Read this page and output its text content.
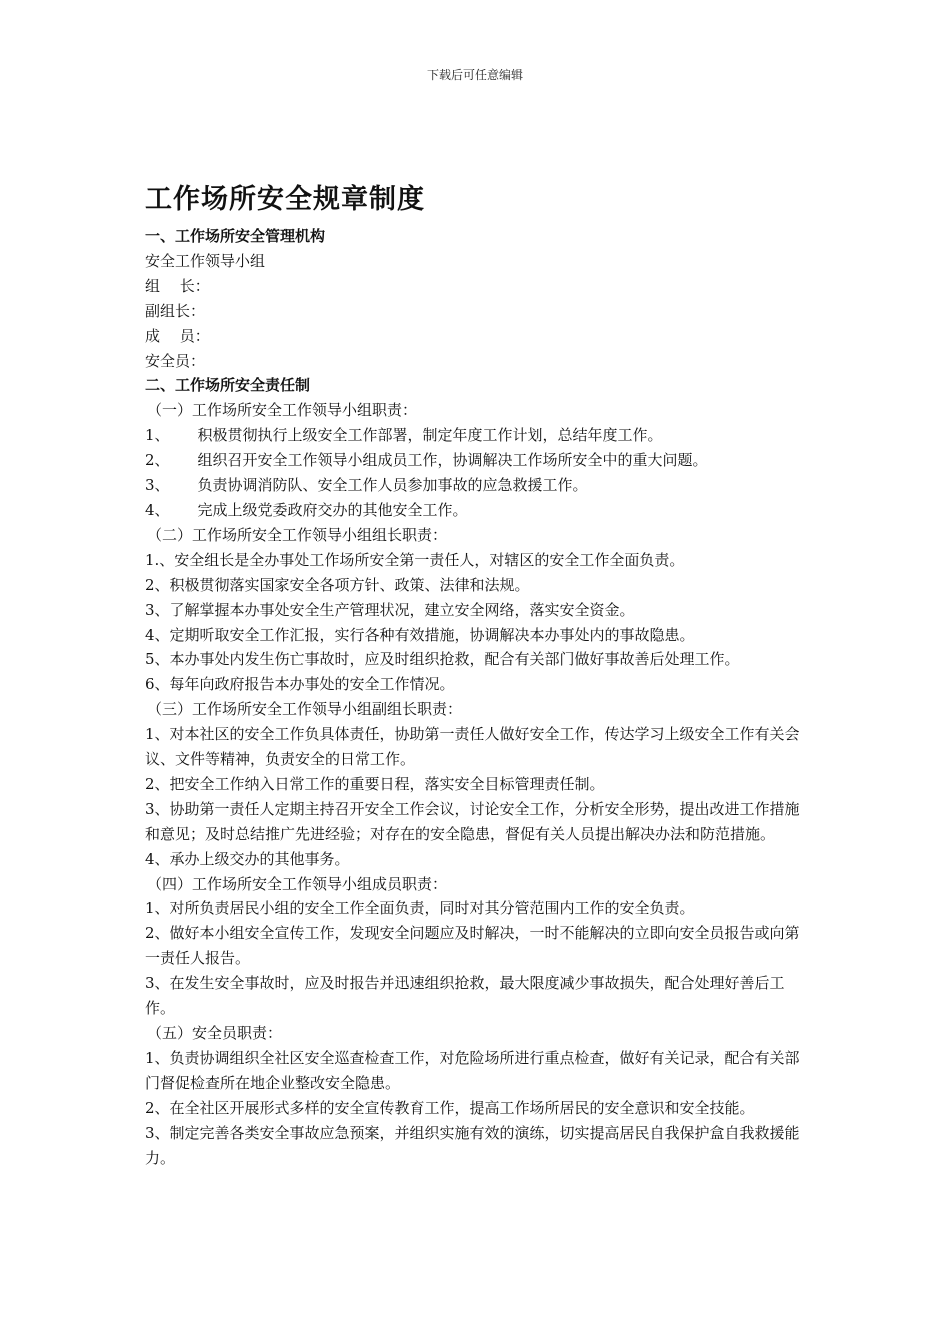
下载后可任意编辑
工作场所安全规章制度
一、工作场所安全管理机构
安全工作领导小组
组　 长：
副组长：
成　 员：
安全员：
二、工作场所安全责任制
（一）工作场所安全工作领导小组职责：
1、 积极贯彻执行上级安全工作部署，制定年度工作计划，总结年度工作。
2、 组织召开安全工作领导小组成员工作，协调解决工作场所安全中的重大问题。
3、 负责协调消防队、安全工作人员参加事故的应急救援工作。
4、 完成上级党委政府交办的其他安全工作。
（二）工作场所安全工作领导小组组长职责：
1.、安全组长是全办事处工作场所安全第一责任人，对辖区的安全工作全面负责。
2、积极贯彻落实国家安全各项方针、政策、法律和法规。
3、了解掌握本办事处安全生产管理状况，建立安全网络，落实安全资金。
4、定期听取安全工作汇报，实行各种有效措施，协调解决本办事处内的事故隐患。
5、本办事处内发生伤亡事故时，应及时组织抢救，配合有关部门做好事故善后处理工作。
6、每年向政府报告本办事处的安全工作情况。
（三）工作场所安全工作领导小组副组长职责：
1、对本社区的安全工作负具体责任，协助第一责任人做好安全工作，传达学习上级安全工作有关会议、文件等精神，负责安全的日常工作。
2、把安全工作纳入日常工作的重要日程，落实安全目标管理责任制。
3、协助第一责任人定期主持召开安全工作会议，讨论安全工作，分析安全形势，提出改进工作措施和意见；及时总结推广先进经验；对存在的安全隐患，督促有关人员提出解决办法和防范措施。
4、承办上级交办的其他事务。
（四）工作场所安全工作领导小组成员职责：
1、对所负责居民小组的安全工作全面负责，同时对其分管范围内工作的安全负责。
2、做好本小组安全宣传工作，发现安全问题应及时解决，一时不能解决的立即向安全员报告或向第一责任人报告。
3、在发生安全事故时，应及时报告并迅速组织抢救，最大限度减少事故损失，配合处理好善后工作。
（五）安全员职责：
1、负责协调组织全社区安全巡查检查工作，对危险场所进行重点检查，做好有关记录，配合有关部门督促检查所在地企业整改安全隐患。
2、在全社区开展形式多样的安全宣传教育工作，提高工作场所居民的安全意识和安全技能。
3、制定完善各类安全事故应急预案，并组织实施有效的演练，切实提高居民自我保护盒自我救援能力。
